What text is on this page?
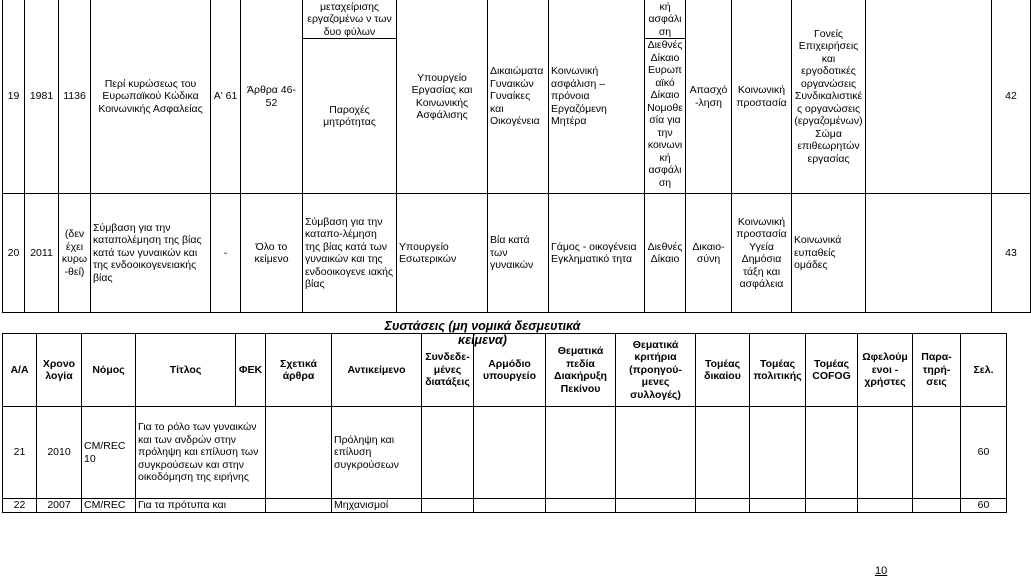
19	1981	1136	Περί κυρώσεως του Ευρωπαϊκού Κώδικα Κοινωνικής Ασφαλείας	Α' 61	Άρθρα 46-52	μεταχείρισης εργαζομένω ν των δυο φύλων	Υπουργείο Εργασίας και Κοινωνικής Ασφάλισης	Δικαιώματα Γυναικών Γυναίκες και Οικογένεια	Κοινωνική ασφάλιση – πρόνοια Εργαζόμενη Μητέρα	κή ασφάλι ση	Απασχό-ληση	Κοινωνική προστασία	Γονείς Επιχειρήσεις και εργοδοτικές οργανώσεις Συνδικαλιστικές οργανώσεις (εργαζομένων) Σώμα επιθεωρητών εργασίας		42
						Παροχές μητρότητας				Διεθνές Δίκαιο Ευρωπ αϊκό Δίκαιο Νομοθε σία για την κοινωνι κή ασφάλι ση					
20	2011	(δεν έχει κυρω-θεί)	Σύμβαση για την καταπολέμηση της βίας κατά των γυναικών και της ενδοοικογενειακής βίας	-	Όλο το κείμενο	Σύμβαση για την καταπο-λέμηση της βίας κατά των γυναικών και της ενδοοικογενε ιακής βίας	Υπουργείο Εσωτερικών	Βία κατά των γυναικών	Γάμος - οικογένεια Εγκληματικό τητα	Διεθνές Δίκαιο	Δικαιο-σύνη	Κοινωνική προστασία Υγεία Δημόσια τάξη και ασφάλεια	Κοινωνικά ευπαθείς ομάδες		43
Συστάσεις (μη νομικά δεσμευτικά κείμενα)
Α/Α	Χρονο λογία	Νόμος	Τίτλος	ΦΕΚ	Σχετικά άρθρα	Αντικείμενο	Συνδεδε-μένες διατάξεις	Αρμόδιο υπουργείο	Θεματικά πεδία Διακήρυξη Πεκίνου	Θεματικά κριτήρια (προηγού-μενες συλλογές)	Τομέας δικαίου	Τομέας πολιτικής	Τομέας COFOG	Ωφελούμ ενοι - χρήστες	Παρα-τηρή-σεις	Σελ.
21	2010	CM/REC 10	Για το ρόλο των γυναικών και των ανδρών στην πρόληψη και επίλυση των συγκρούσεων και στην οικοδόμηση της ειρήνης			Πρόληψη και επίλυση συγκρούσεων										60
22	2007	CM/REC	Για τα πρότυπα και			Μηχανισμοί										60
10
